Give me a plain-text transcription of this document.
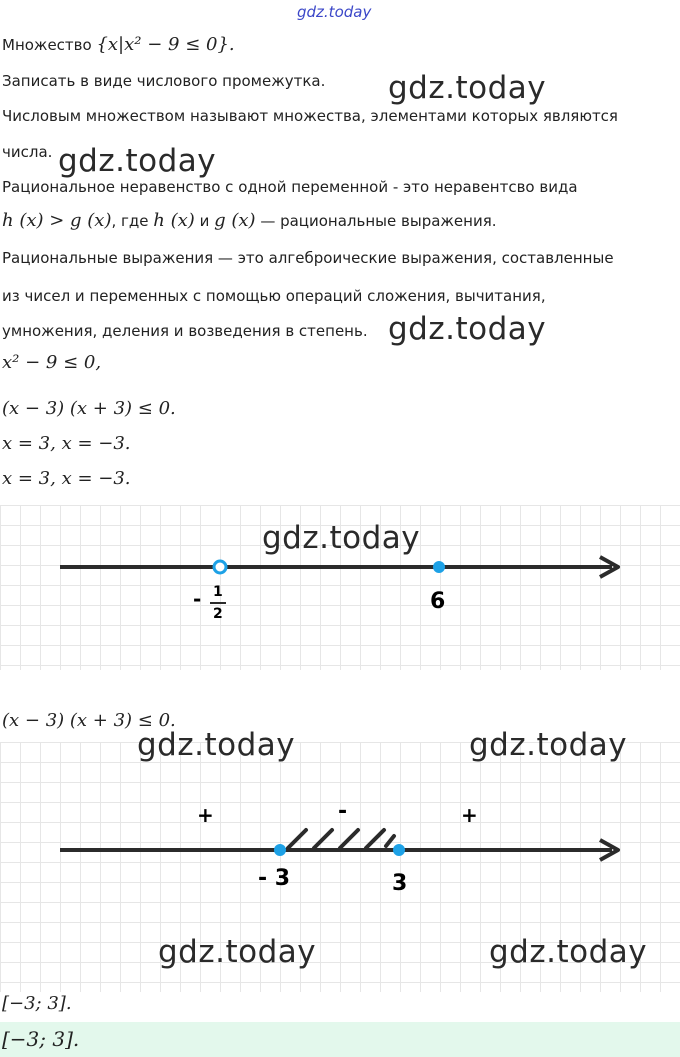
gdz.today
Множество {x|x² − 9 ≤ 0}.
Записать в виде числового промежутка. gdz.today
Числовым множеством называют множества, элементами которых являются
числа. gdz.today
Рациональное неравенство с одной переменной - это неравентсво вида
h (x) > g (x), где h (x) и g (x) — рациональные выражения.
Рациональные выражения — это алгеброические выражения, составленные
из чисел и переменных с помощью операций сложения, вычитания,
умножения, деления и возведения в степень. gdz.today
x² − 9 ≤ 0,
(x − 3) (x + 3) ≤ 0.
x = 3, x = −3.
x = 3, x = −3.
- 1
2	6
gdz.today
(x − 3) (x + 3) ≤ 0.
- 3	3
+	-	+
gdz.today	gdz.today
gdz.today	gdz.today
[−3; 3].
[−3; 3].
